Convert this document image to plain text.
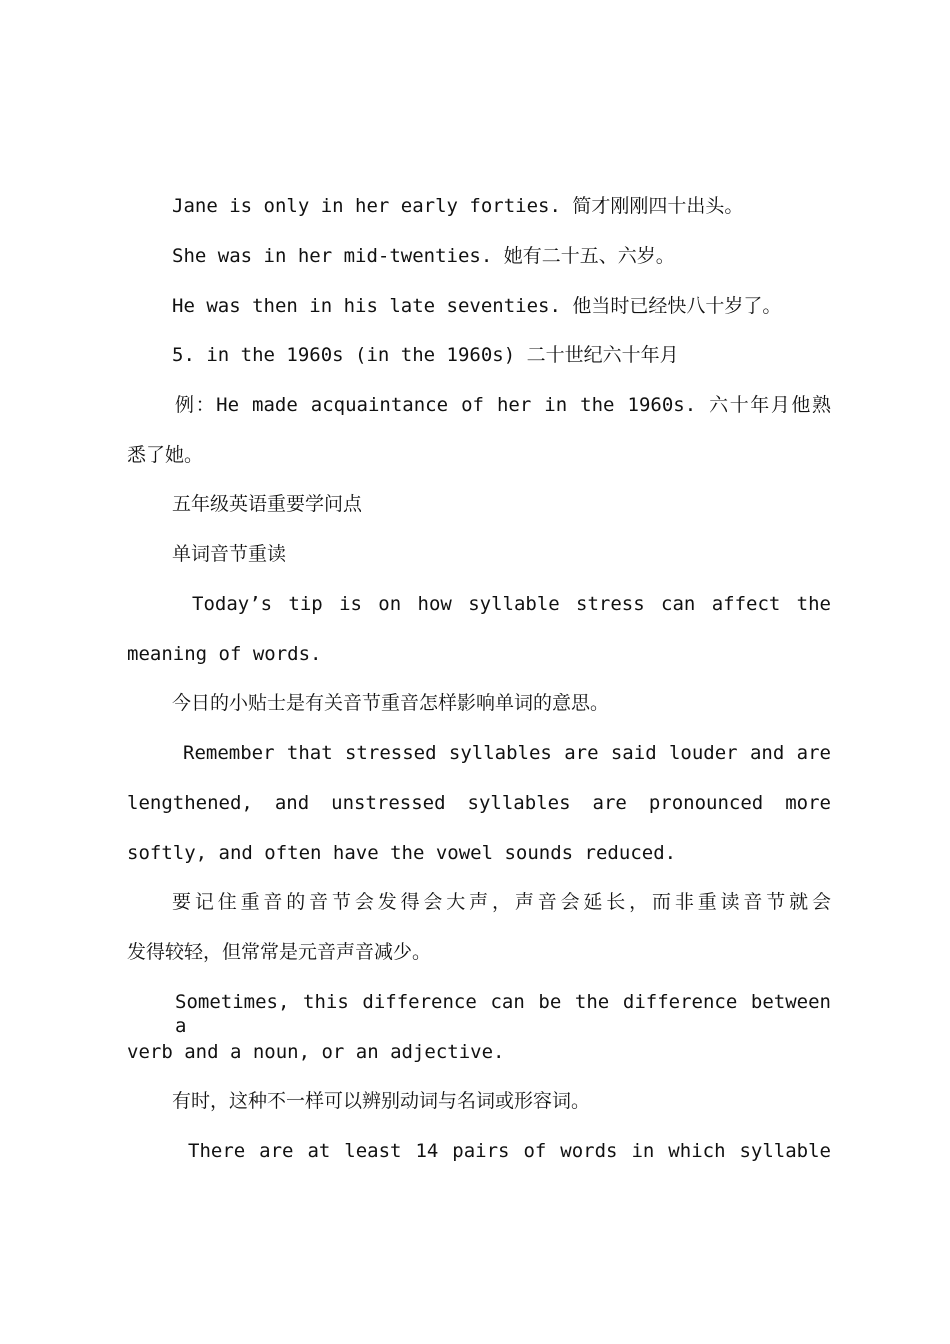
Jane is only in her early forties. 简才刚刚四十出头。
She was in her mid-twenties. 她有二十五、六岁。
He was then in his late seventies. 他当时已经快八十岁了。
5. in the 1960s (in the 1960s) 二十世纪六十年月
例：He made acquaintance of her in the 1960s. 六十年月他熟
悉了她。
五年级英语重要学问点
单词音节重读
Today’s tip is on how syllable stress can affect the
meaning of words.
今日的小贴士是有关音节重音怎样影响单词的意思。
Remember that stressed syllables are said louder and are
lengthened, and unstressed syllables are pronounced more
softly, and often have the vowel sounds reduced.
要记住重音的音节会发得会大声，声音会延长，而非重读音节就会
发得较轻，但常常是元音声音减少。
Sometimes, this difference can be the difference between a
verb and a noun, or an adjective.
有时，这种不一样可以辨别动词与名词或形容词。
There are at least 14 pairs of words in which syllable
